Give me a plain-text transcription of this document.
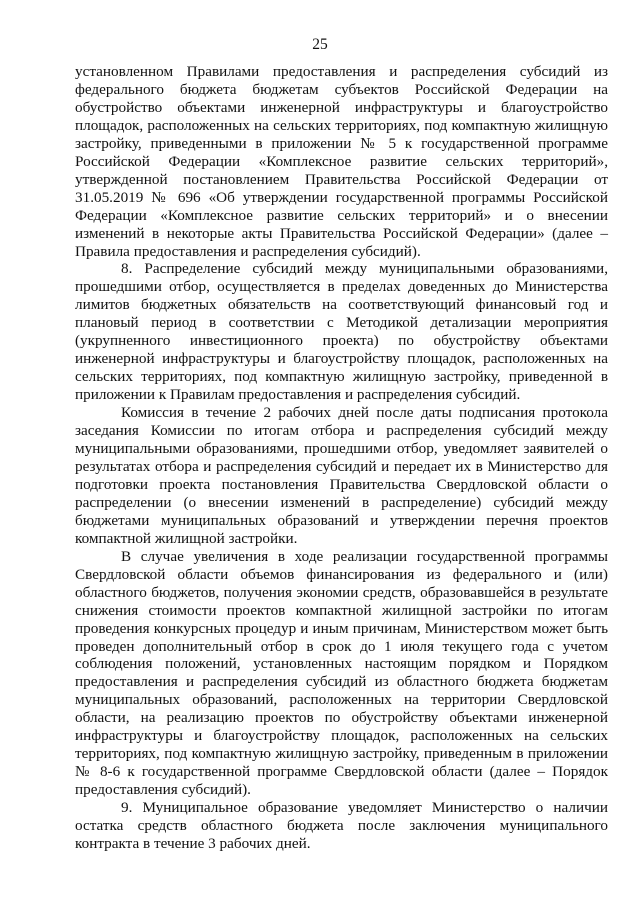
25

установленном Правилами предоставления и распределения субсидий из федерального бюджета бюджетам субъектов Российской Федерации на обустройство объектами инженерной инфраструктуры и благоустройство площадок, расположенных на сельских территориях, под компактную жилищную застройку, приведенными в приложении № 5 к государственной программе Российской Федерации «Комплексное развитие сельских территорий», утвержденной постановлением Правительства Российской Федерации от 31.05.2019 № 696 «Об утверждении государственной программы Российской Федерации «Комплексное развитие сельских территорий» и о внесении изменений в некоторые акты Правительства Российской Федерации» (далее – Правила предоставления и распределения субсидий).

8. Распределение субсидий между муниципальными образованиями, прошедшими отбор, осуществляется в пределах доведенных до Министерства лимитов бюджетных обязательств на соответствующий финансовый год и плановый период в соответствии с Методикой детализации мероприятия (укрупненного инвестиционного проекта) по обустройству объектами инженерной инфраструктуры и благоустройству площадок, расположенных на сельских территориях, под компактную жилищную застройку, приведенной в приложении к Правилам предоставления и распределения субсидий.

Комиссия в течение 2 рабочих дней после даты подписания протокола заседания Комиссии по итогам отбора и распределения субсидий между муниципальными образованиями, прошедшими отбор, уведомляет заявителей о результатах отбора и распределения субсидий и передает их в Министерство для подготовки проекта постановления Правительства Свердловской области о распределении (о внесении изменений в распределение) субсидий между бюджетами муниципальных образований и утверждении перечня проектов компактной жилищной застройки.

В случае увеличения в ходе реализации государственной программы Свердловской области объемов финансирования из федерального и (или) областного бюджетов, получения экономии средств, образовавшейся в результате снижения стоимости проектов компактной жилищной застройки по итогам проведения конкурсных процедур и иным причинам, Министерством может быть проведен дополнительный отбор в срок до 1 июля текущего года с учетом соблюдения положений, установленных настоящим порядком и Порядком предоставления и распределения субсидий из областного бюджета бюджетам муниципальных образований, расположенных на территории Свердловской области, на реализацию проектов по обустройству объектами инженерной инфраструктуры и благоустройству площадок, расположенных на сельских территориях, под компактную жилищную застройку, приведенным в приложении № 8-6 к государственной программе Свердловской области (далее – Порядок предоставления субсидий).

9. Муниципальное образование уведомляет Министерство о наличии остатка средств областного бюджета после заключения муниципального контракта в течение 3 рабочих дней.
